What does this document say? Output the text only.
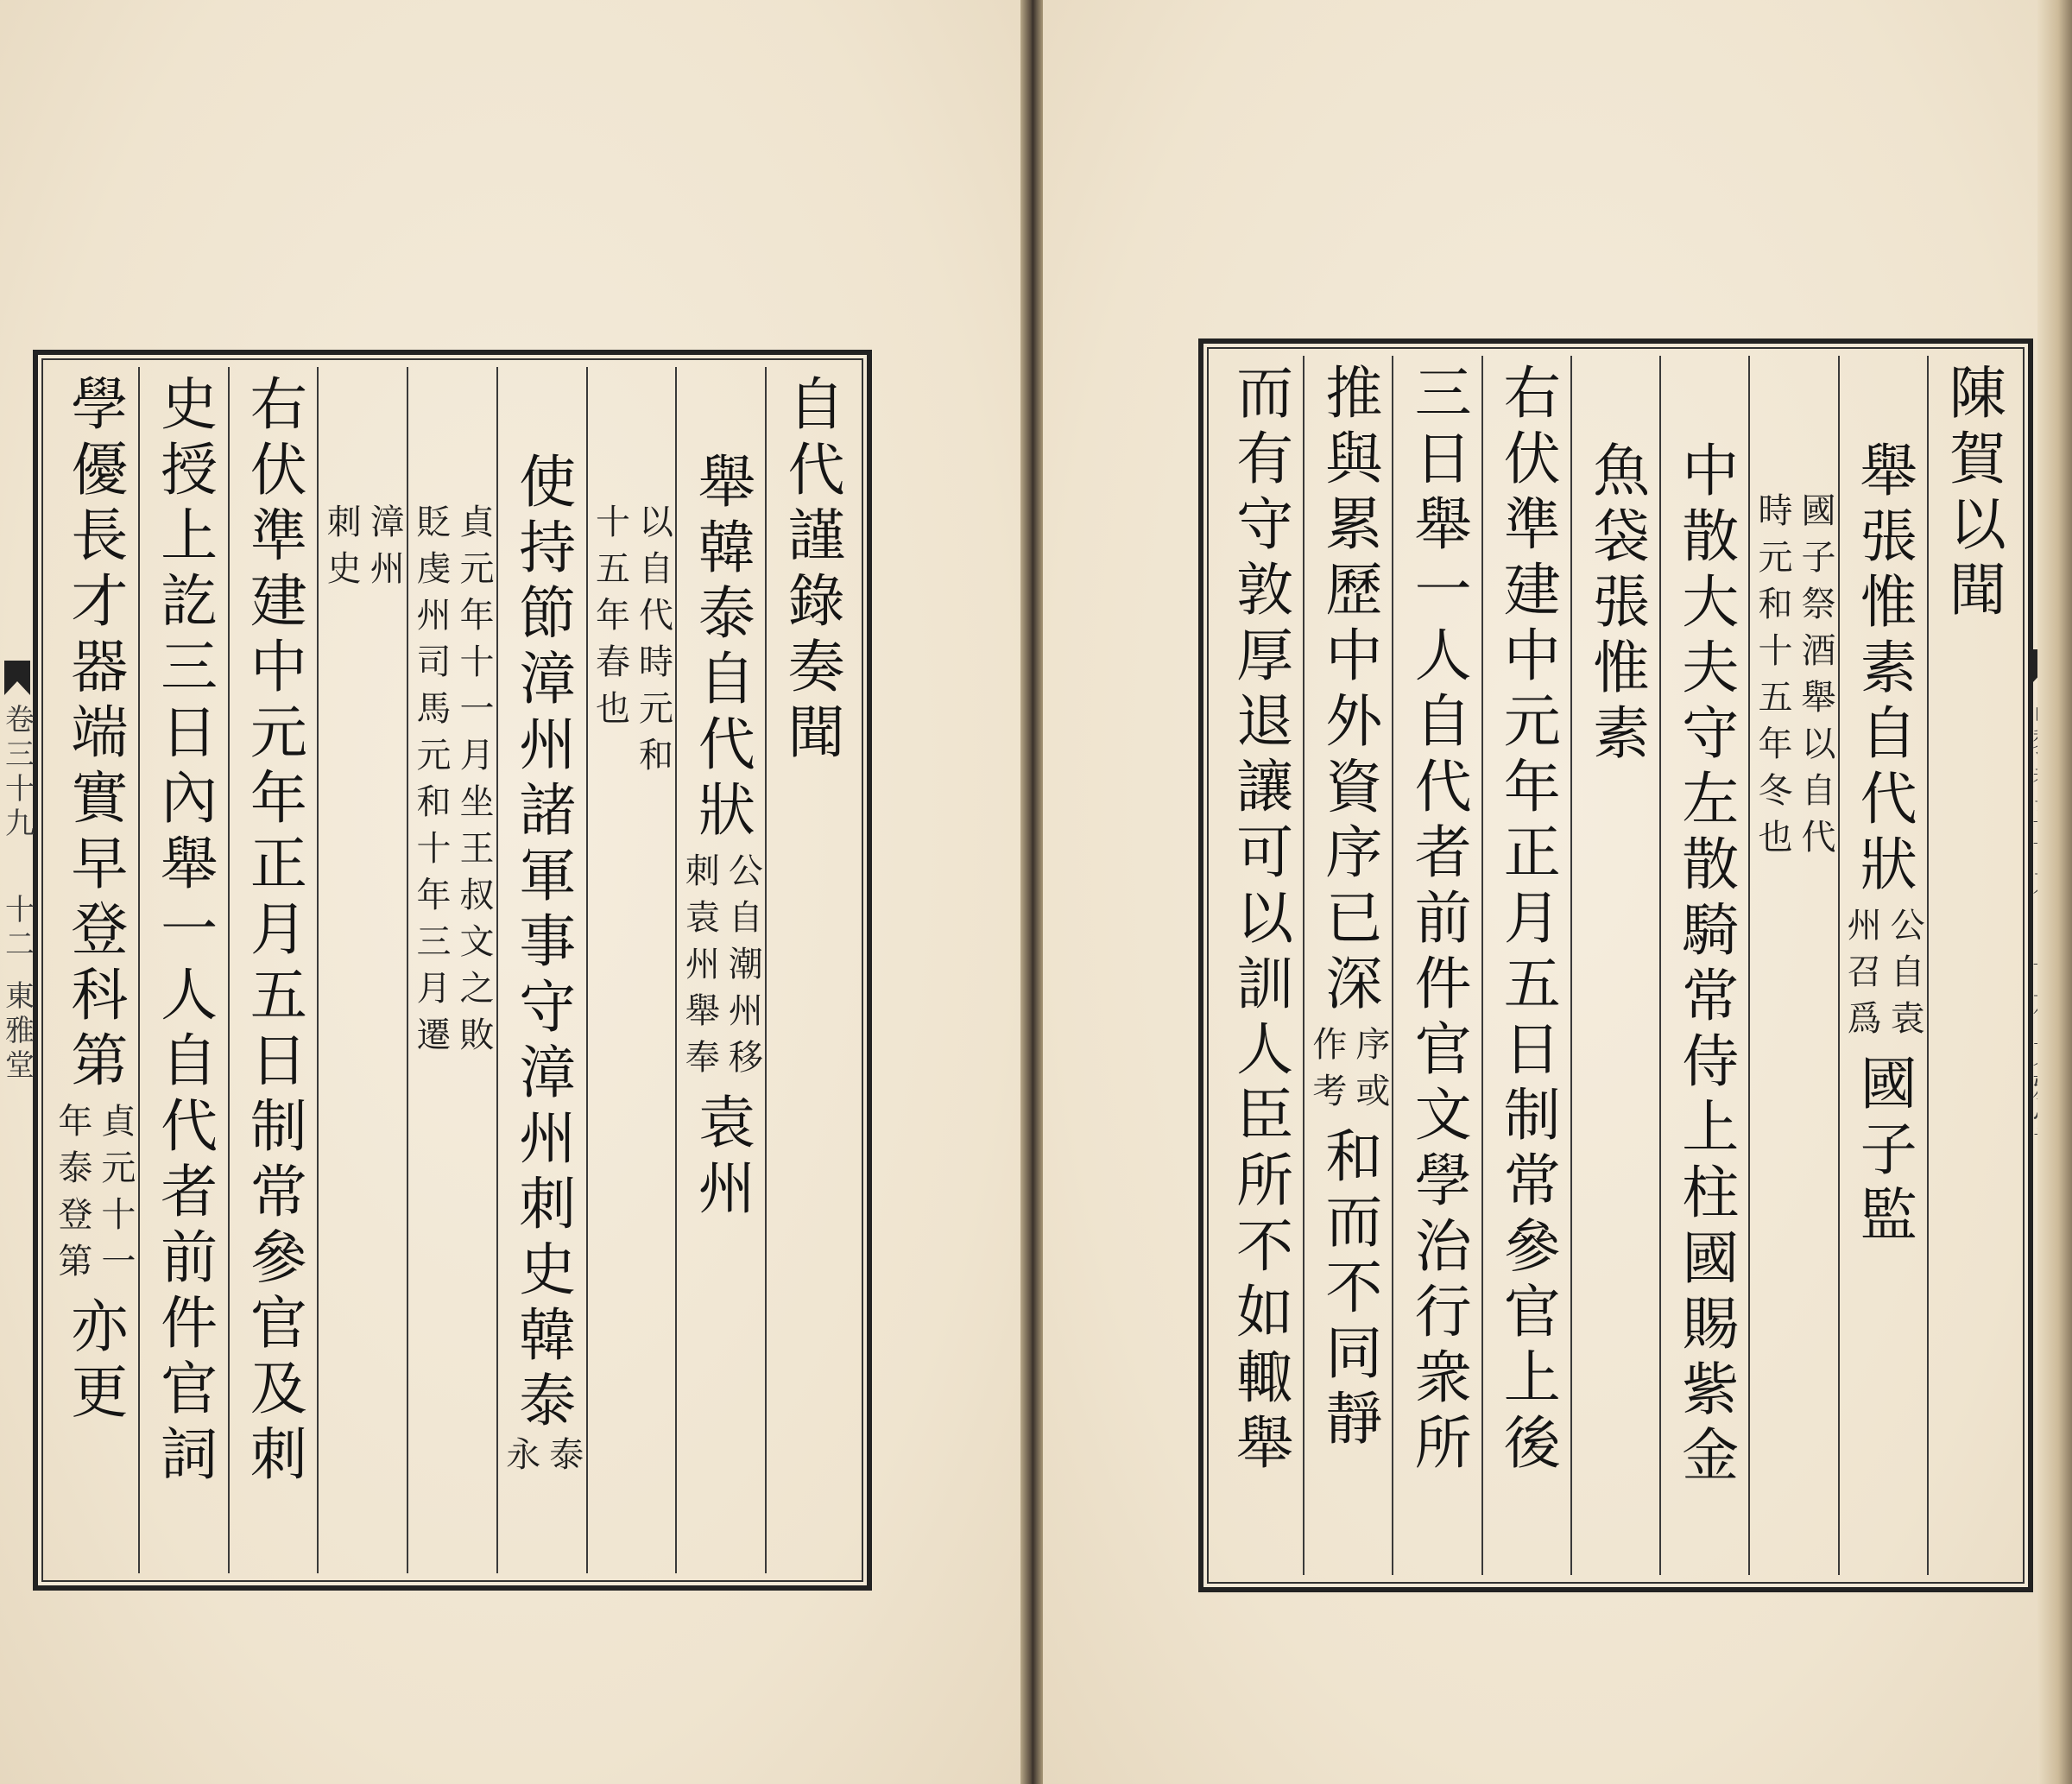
自代謹錄奏聞
舉韓泰自代狀
公自潮州移
刺袁州舉奉
袁州
以自代時元和
十五年春也
使持節漳州諸軍事守漳州刺史韓泰
泰
永
貞元年十一月坐王叔文之敗
貶虔州司馬元和十年三月遷
漳州
刺史
右伏準建中元年正月五日制常參官及刺
史授上訖三日內舉一人自代者前件官詞
學優長才器端實早登科第
貞元十一
年泰登第
亦更
卷三十九
十二
東雅堂
陳賀以聞
舉張惟素自代狀
公自袁
州召爲
國子監
國子祭酒舉以自代
時元和十五年冬也
中散大夫守左散騎常侍上柱國賜紫金
魚袋張惟素
右伏準建中元年正月五日制常參官上後
三日舉一人自代者前件官文學治行衆所
推與累歷中外資序已深
序或
作考
和而不同靜
而有守敦厚退讓可以訓人臣所不如輙舉
